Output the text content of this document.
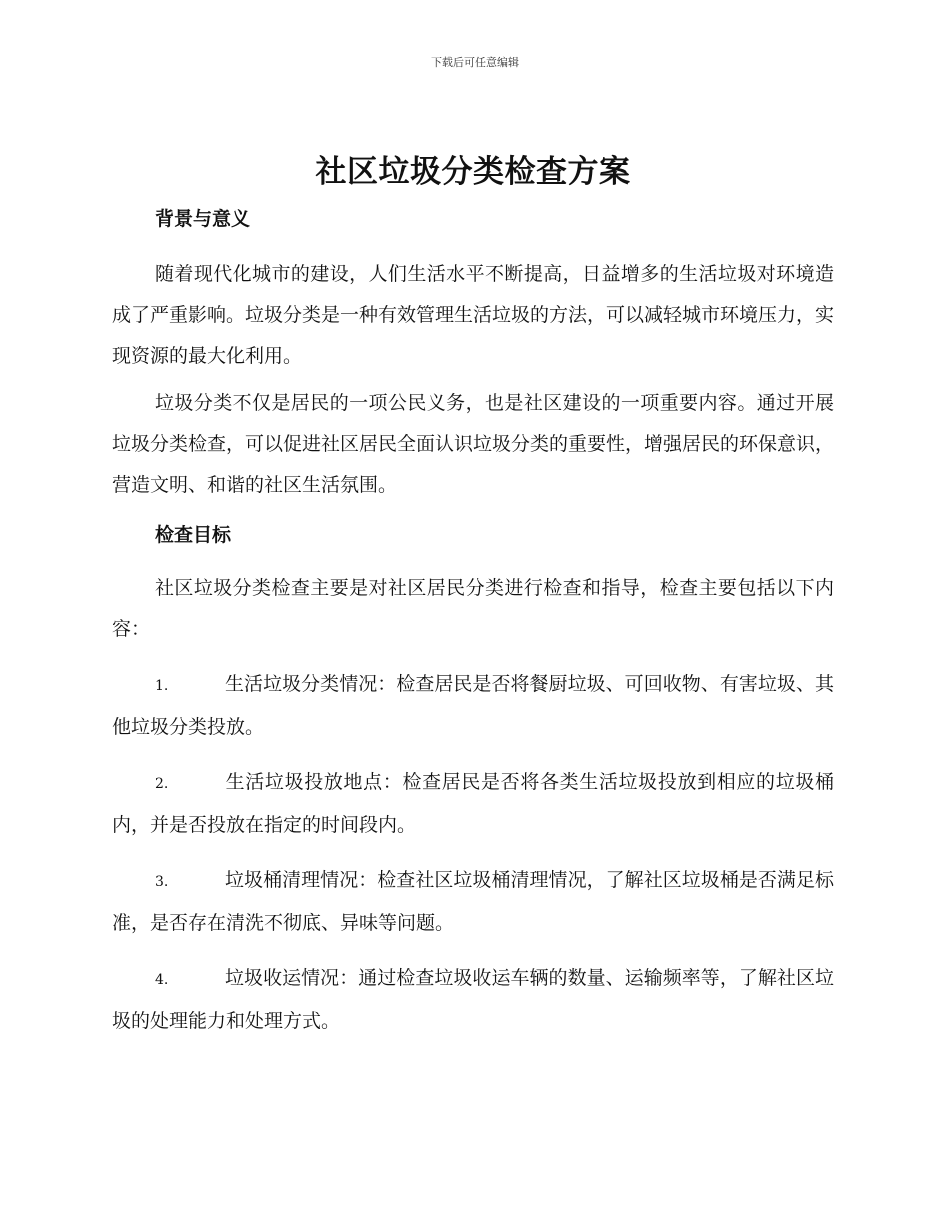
下载后可任意编辑
社区垃圾分类检查方案
背景与意义

随着现代化城市的建设，人们生活水平不断提高，日益增多的生活垃圾对环境造成了严重影响。垃圾分类是一种有效管理生活垃圾的方法，可以减轻城市环境压力，实现资源的最大化利用。

垃圾分类不仅是居民的一项公民义务，也是社区建设的一项重要内容。通过开展垃圾分类检查，可以促进社区居民全面认识垃圾分类的重要性，增强居民的环保意识，营造文明、和谐的社区生活氛围。

检查目标

社区垃圾分类检查主要是对社区居民分类进行检查和指导，检查主要包括以下内容：

1.	生活垃圾分类情况：检查居民是否将餐厨垃圾、可回收物、有害垃圾、其他垃圾分类投放。

2.	生活垃圾投放地点：检查居民是否将各类生活垃圾投放到相应的垃圾桶内，并是否投放在指定的时间段内。

3.	垃圾桶清理情况：检查社区垃圾桶清理情况，了解社区垃圾桶是否满足标准，是否存在清洗不彻底、异味等问题。

4.	垃圾收运情况：通过检查垃圾收运车辆的数量、运输频率等，了解社区垃圾的处理能力和处理方式。
